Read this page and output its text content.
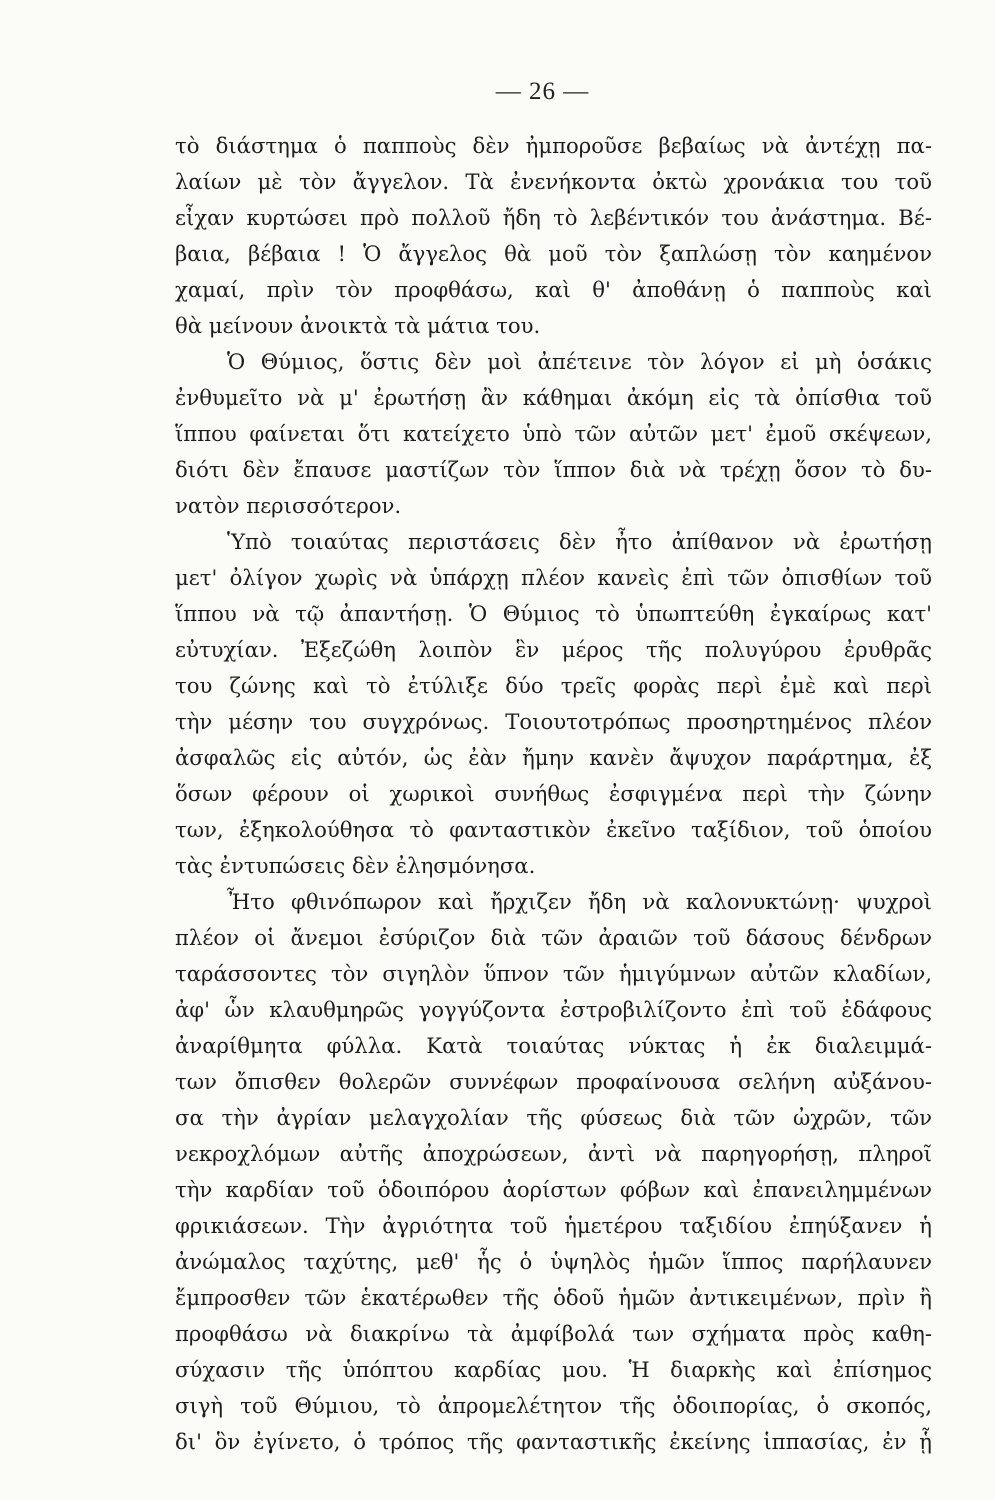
— 26 —
τὸ διάστημα ὁ παπποὺς δὲν ἠμποροῦσε βεβαίως νὰ ἀντέχῃ πα-
λαίων μὲ τὸν ἄγγελον. Τὰ ἐνενήκοντα ὀκτὼ χρονάκια του τοῦ
εἶχαν κυρτώσει πρὸ πολλοῦ ἤδη τὸ λεβέντικόν του ἀνάστημα. Βέ-
βαια, βέβαια ! Ὁ ἄγγελος θὰ μοῦ τὸν ξαπλώσῃ τὸν καημένον
χαμαί, πρὶν τὸν προφθάσω, καὶ θ' ἀποθάνῃ ὁ παπποὺς καὶ
θὰ μείνουν ἀνοικτὰ τὰ μάτια του.
Ὁ Θύμιος, ὅστις δὲν μοὶ ἀπέτεινε τὸν λόγον εἰ μὴ ὁσάκις
ἐνθυμεῖτο νὰ μ' ἐρωτήσῃ ἂν κάθημαι ἀκόμη εἰς τὰ ὀπίσθια τοῦ
ἵππου φαίνεται ὅτι κατείχετο ὑπὸ τῶν αὐτῶν μετ' ἐμοῦ σκέψεων,
διότι δὲν ἔπαυσε μαστίζων τὸν ἵππον διὰ νὰ τρέχῃ ὅσον τὸ δυ-
νατὸν περισσότερον.
Ὑπὸ τοιαύτας περιστάσεις δὲν ἦτο ἀπίθανον νὰ ἐρωτήσῃ
μετ' ὀλίγον χωρὶς νὰ ὑπάρχῃ πλέον κανεὶς ἐπὶ τῶν ὀπισθίων τοῦ
ἵππου νὰ τῷ ἀπαντήσῃ. Ὁ Θύμιος τὸ ὑπωπτεύθη ἐγκαίρως κατ'
εὐτυχίαν. Ἐξεζώθη λοιπὸν ἓν μέρος τῆς πολυγύρου ἐρυθρᾶς
του ζώνης καὶ τὸ ἐτύλιξε δύο τρεῖς φορὰς περὶ ἐμὲ καὶ περὶ
τὴν μέσην του συγχρόνως. Τοιουτοτρόπως προσηρτημένος πλέον
ἀσφαλῶς εἰς αὐτόν, ὡς ἐὰν ἤμην κανὲν ἄψυχον παράρτημα, ἐξ
ὅσων φέρουν οἱ χωρικοὶ συνήθως ἐσφιγμένα περὶ τὴν ζώνην
των, ἐξηκολούθησα τὸ φανταστικὸν ἐκεῖνο ταξίδιον, τοῦ ὁποίου
τὰς ἐντυπώσεις δὲν ἐλησμόνησα.
Ἦτο φθινόπωρον καὶ ἤρχιζεν ἤδη νὰ καλονυκτώνῃ· ψυχροὶ
πλέον οἱ ἄνεμοι ἐσύριζον διὰ τῶν ἀραιῶν τοῦ δάσους δένδρων
ταράσσοντες τὸν σιγηλὸν ὕπνον τῶν ἡμιγύμνων αὐτῶν κλαδίων,
ἀφ' ὧν κλαυθμηρῶς γογγύζοντα ἐστροβιλίζοντο ἐπὶ τοῦ ἐδάφους
ἀναρίθμητα φύλλα. Κατὰ τοιαύτας νύκτας ἡ ἐκ διαλειμμά-
των ὄπισθεν θολερῶν συννέφων προφαίνουσα σελήνη αὐξάνου-
σα τὴν ἀγρίαν μελαγχολίαν τῆς φύσεως διὰ τῶν ὠχρῶν, τῶν
νεκροχλόμων αὐτῆς ἀποχρώσεων, ἀντὶ νὰ παρηγορήσῃ, πληροῖ
τὴν καρδίαν τοῦ ὁδοιπόρου ἀορίστων φόβων καὶ ἐπανειλημμένων
φρικιάσεων. Τὴν ἀγριότητα τοῦ ἡμετέρου ταξιδίου ἐπηύξανεν ἡ
ἀνώμαλος ταχύτης, μεθ' ἧς ὁ ὑψηλὸς ἡμῶν ἵππος παρήλαυνεν
ἔμπροσθεν τῶν ἑκατέρωθεν τῆς ὁδοῦ ἡμῶν ἀντικειμένων, πρὶν ἢ
προφθάσω νὰ διακρίνω τὰ ἀμφίβολά των σχήματα πρὸς καθη-
σύχασιν τῆς ὑπόπτου καρδίας μου. Ἡ διαρκὴς καὶ ἐπίσημος
σιγὴ τοῦ Θύμιου, τὸ ἀπρομελέτητον τῆς ὁδοιπορίας, ὁ σκοπός,
δι' ὃν ἐγίνετο, ὁ τρόπος τῆς φανταστικῆς ἐκείνης ἱππασίας, ἐν ᾗ
